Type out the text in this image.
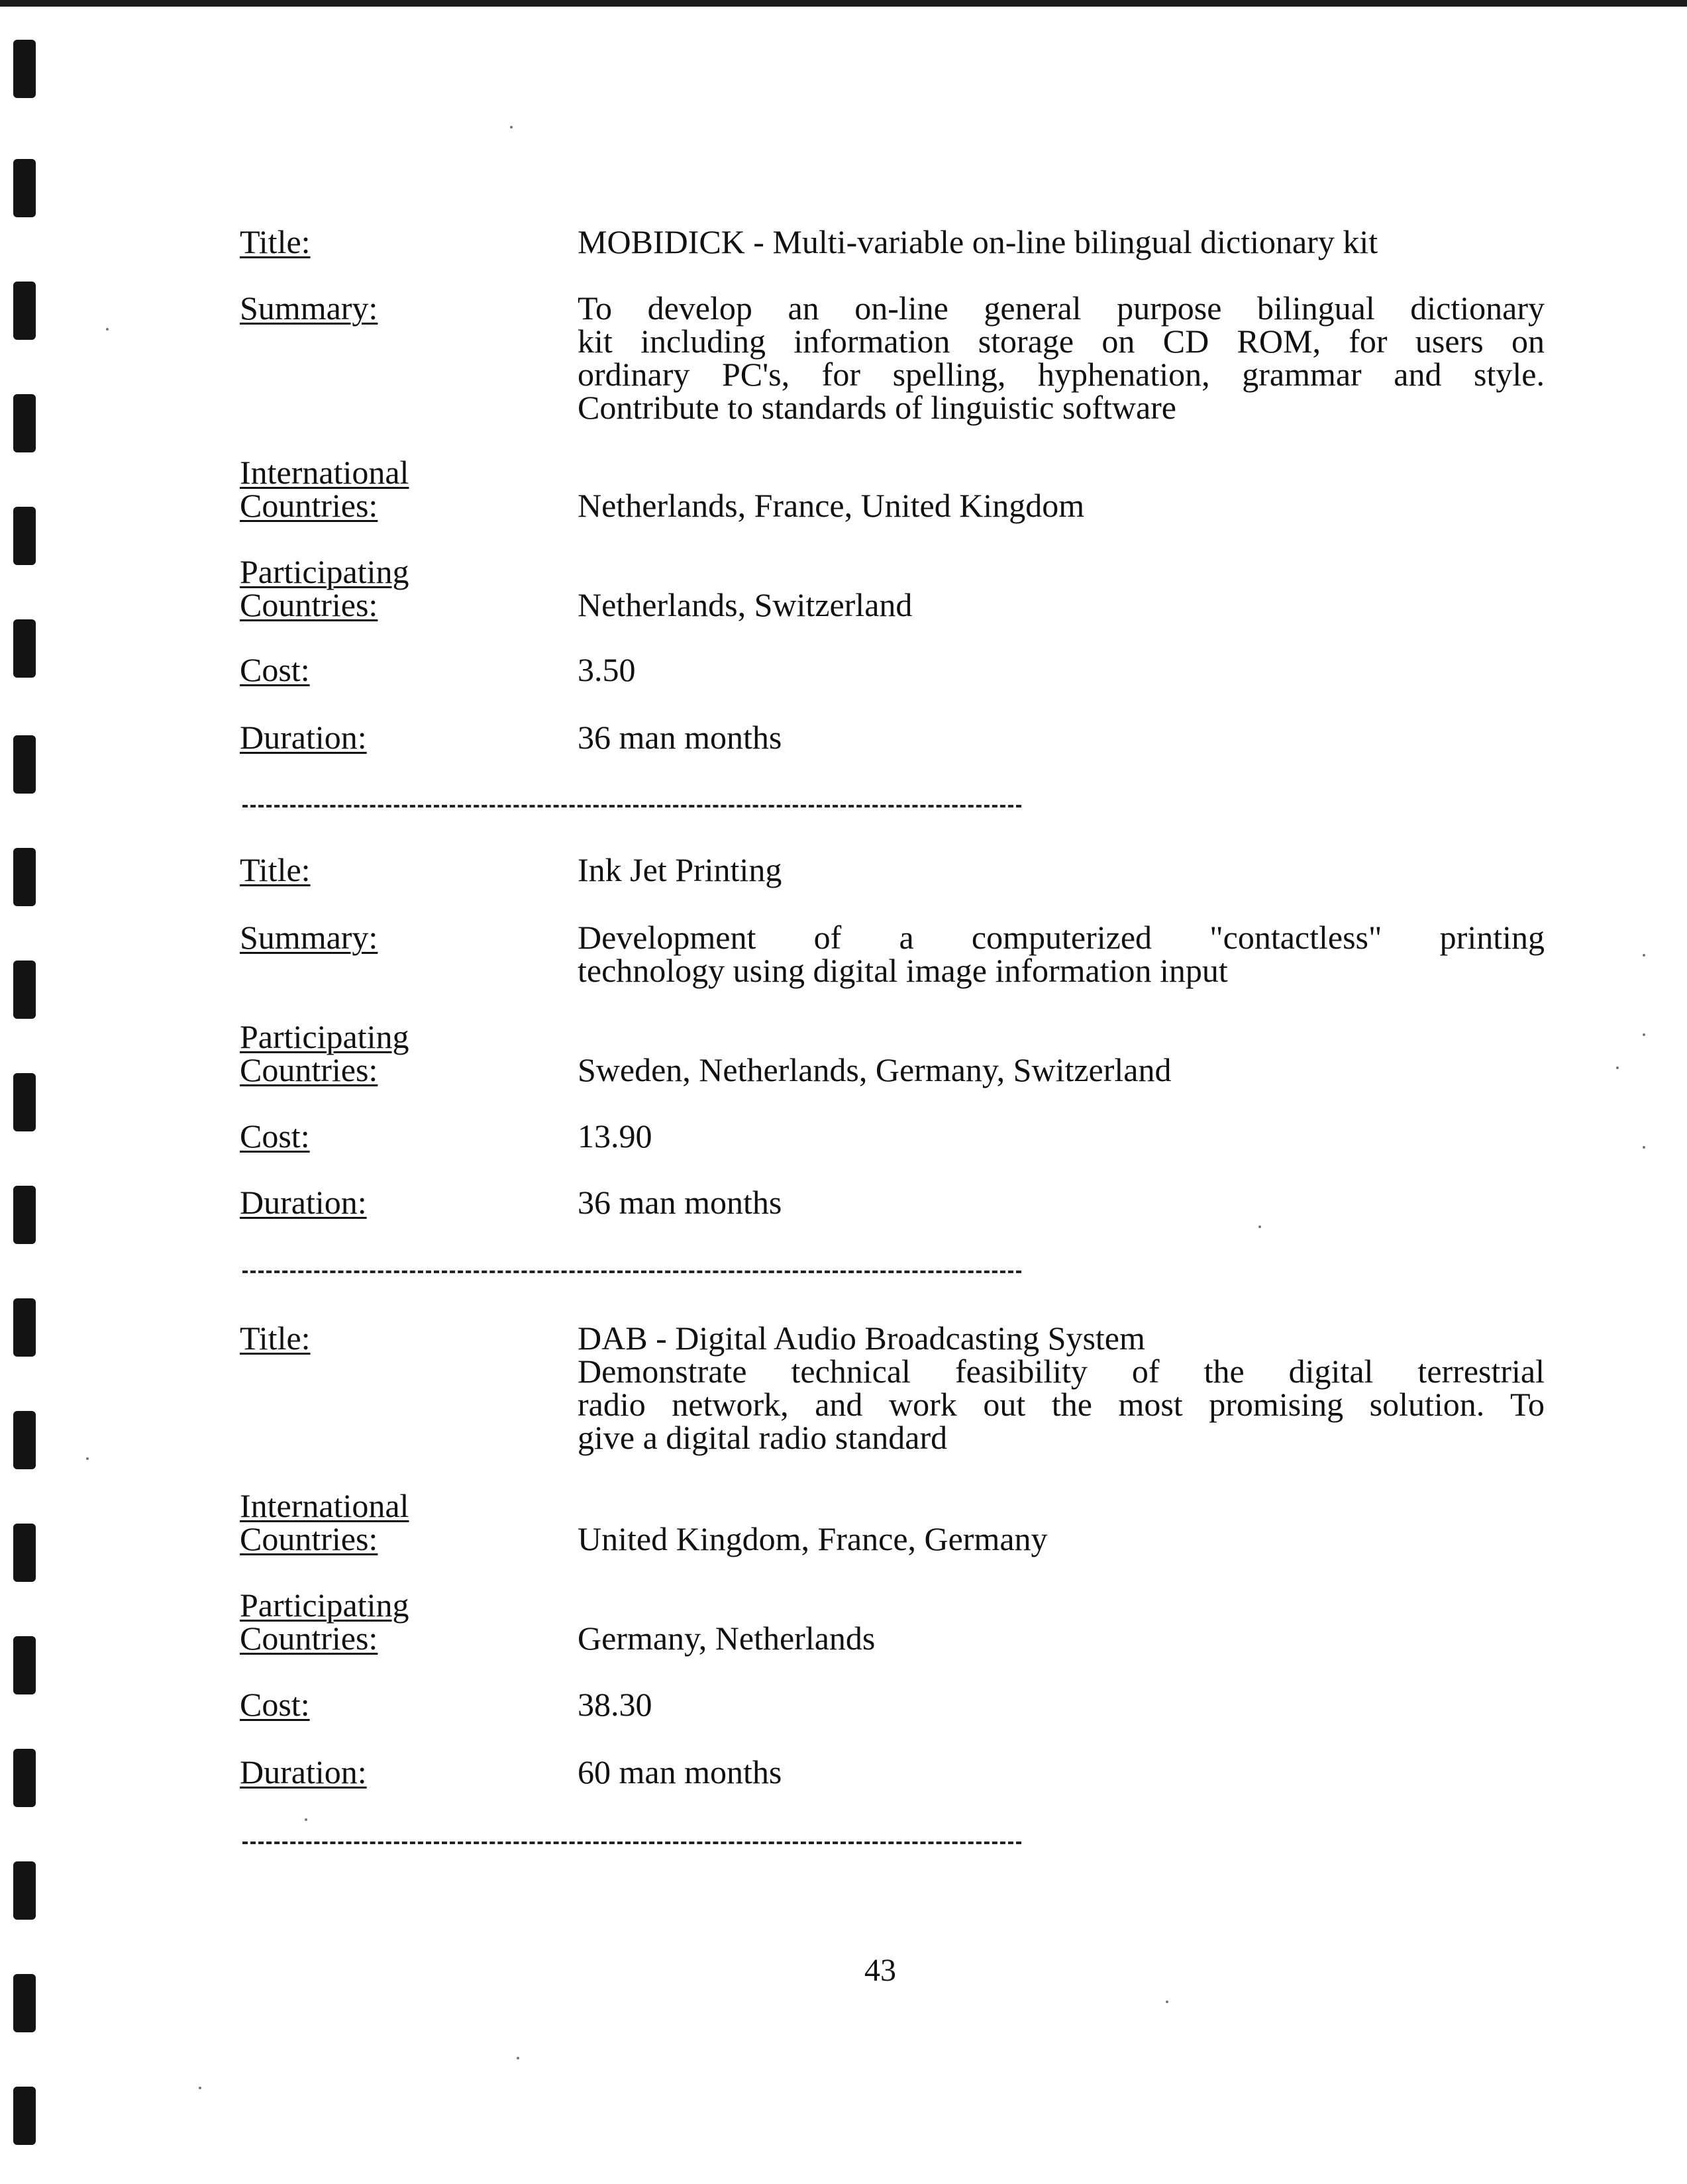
Title:	MOBIDICK - Multi-variable on-line bilingual dictionary kit
Summary:	To develop an on-line general purpose bilingual dictionary
kit including information storage on CD ROM, for users on
ordinary PC's, for spelling, hyphenation, grammar and style.
Contribute to standards of linguistic software
International
Countries:	Netherlands, France, United Kingdom
Participating
Countries:	Netherlands, Switzerland
Cost:	3.50
Duration:	36 man months
Title:	Ink Jet Printing
Summary:	Development of a computerized "contactless" printing
technology using digital image information input
Participating
Countries:	Sweden, Netherlands, Germany, Switzerland
Cost:	13.90
Duration:	36 man months
Title:	DAB - Digital Audio Broadcasting System
Demonstrate technical feasibility of the digital terrestrial
radio network, and work out the most promising solution. To
give a digital radio standard
International
Countries:	United Kingdom, France, Germany
Participating
Countries:	Germany, Netherlands
Cost:	38.30
Duration:	60 man months
43
